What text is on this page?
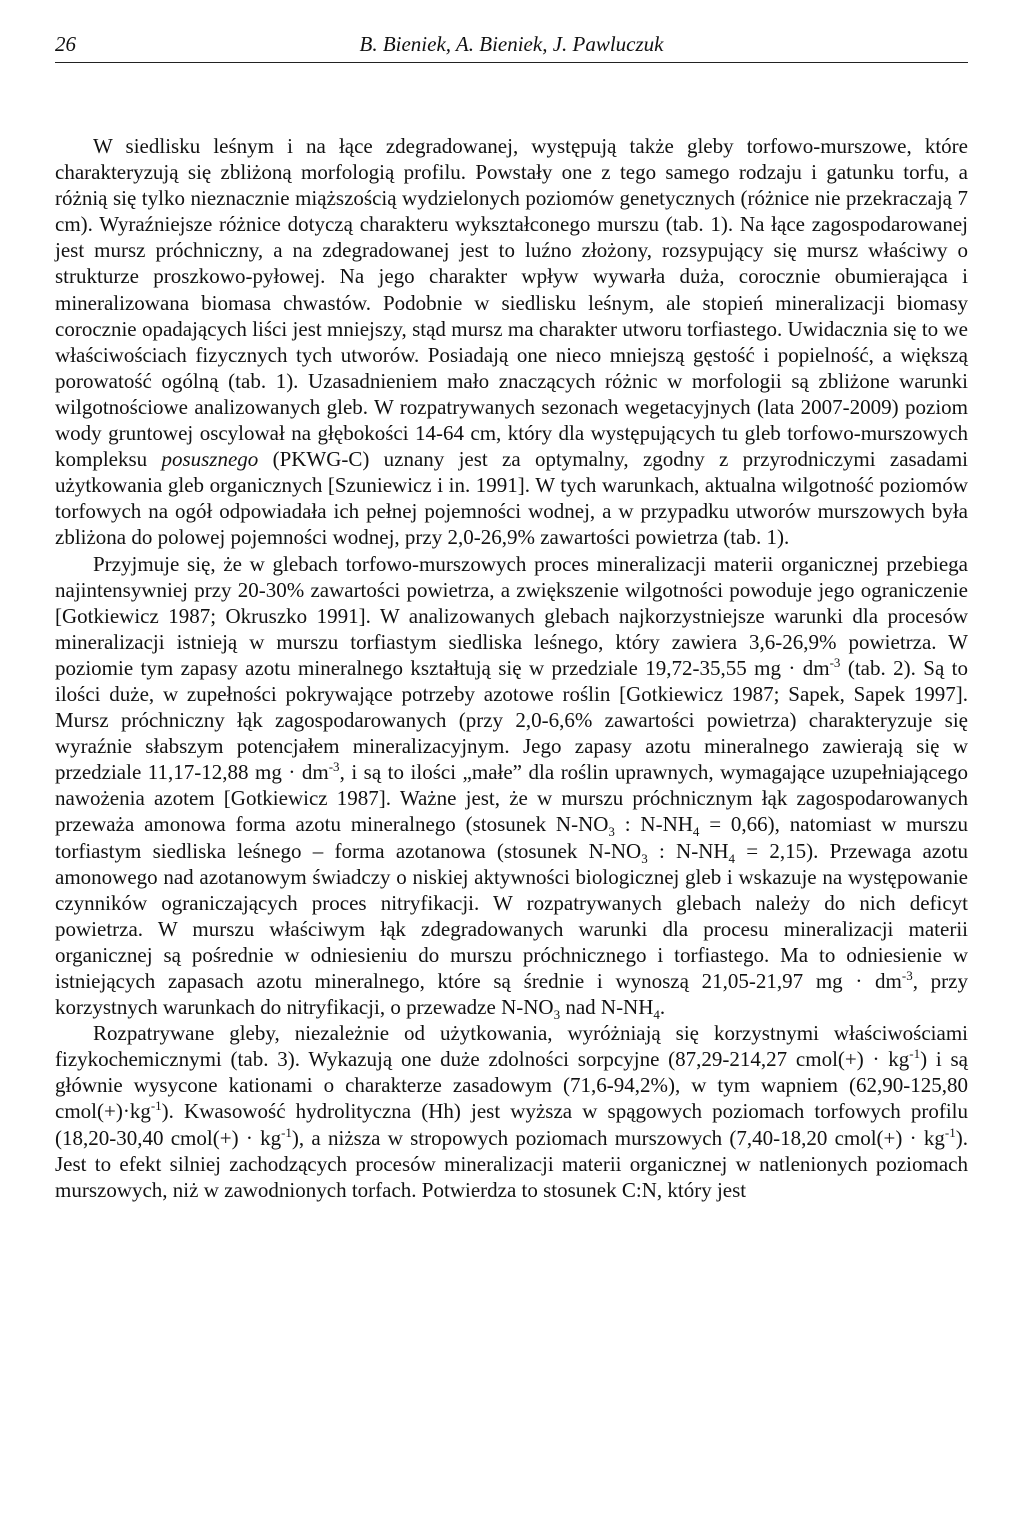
26	B. Bieniek, A. Bieniek, J. Pawluczuk

W siedlisku leśnym i na łące zdegradowanej, występują także gleby torfowo-murszowe, które charakteryzują się zbliżoną morfologią profilu. Powstały one z tego samego rodzaju i gatunku torfu, a różnią się tylko nieznacznie miąższością wydzielonych poziomów genetycznych (różnice nie przekraczają 7 cm). Wyraźniejsze różnice dotyczą charakteru wykształconego murszu (tab. 1). Na łące zagospodarowanej jest mursz próchniczny, a na zdegradowanej jest to luźno złożony, rozsypujący się mursz właściwy o strukturze proszkowo-pyłowej. Na jego charakter wpływ wywarła duża, corocznie obumierająca i mineralizowana biomasa chwastów. Podobnie w siedlisku leśnym, ale stopień mineralizacji biomasy corocznie opadających liści jest mniejszy, stąd mursz ma charakter utworu torfiastego. Uwidacznia się to we właściwościach fizycznych tych utworów. Posiadają one nieco mniejszą gęstość i popielność, a większą porowatość ogólną (tab. 1). Uzasadnieniem mało znaczących różnic w morfologii są zbliżone warunki wilgotnościowe analizowanych gleb. W rozpatrywanych sezonach wegetacyjnych (lata 2007-2009) poziom wody gruntowej oscylował na głębokości 14-64 cm, który dla występujących tu gleb torfowo-murszowych kompleksu posusznego (PKWG-C) uznany jest za optymalny, zgodny z przyrodniczymi zasadami użytkowania gleb organicznych [Szuniewicz i in. 1991]. W tych warunkach, aktualna wilgotność poziomów torfowych na ogół odpowiadała ich pełnej pojemności wodnej, a w przypadku utworów murszowych była zbliżona do polowej pojemności wodnej, przy 2,0-26,9% zawartości powietrza (tab. 1).

Przyjmuje się, że w glebach torfowo-murszowych proces mineralizacji materii organicznej przebiega najintensywniej przy 20-30% zawartości powietrza, a zwiększenie wilgotności powoduje jego ograniczenie [Gotkiewicz 1987; Okruszko 1991]. W analizowanych glebach najkorzystniejsze warunki dla procesów mineralizacji istnieją w murszu torfiastym siedliska leśnego, który zawiera 3,6-26,9% powietrza. W poziomie tym zapasy azotu mineralnego kształtują się w przedziale 19,72-35,55 mg · $dm^{-3}$ (tab. 2). Są to ilości duże, w zupełności pokrywające potrzeby azotowe roślin [Gotkiewicz 1987; Sapek, Sapek 1997]. Mursz próchniczny łąk zagospodarowanych (przy 2,0-6,6% zawartości powietrza) charakteryzuje się wyraźnie słabszym potencjałem mineralizacyjnym. Jego zapasy azotu mineralnego zawierają się w przedziale 11,17-12,88 mg · $dm^{-3}$, i są to ilości „małe” dla roślin uprawnych, wymagające uzupełniającego nawożenia azotem [Gotkiewicz 1987]. Ważne jest, że w murszu próchnicznym łąk zagospodarowanych przeważa amonowa forma azotu mineralnego (stosunek $N-NO_3$ : $N-NH_4 = 0,66$), natomiast w murszu torfiastym siedliska leśnego – forma azotanowa (stosunek $N-NO_3$ : $N-NH_4 = 2,15$). Przewaga azotu amonowego nad azotanowym świadczy o niskiej aktywności biologicznej gleb i wskazuje na występowanie czynników ograniczających proces nitryfikacji. W rozpatrywanych glebach należy do nich deficyt powietrza. W murszu właściwym łąk zdegradowanych warunki dla procesu mineralizacji materii organicznej są pośrednie w odniesieniu do murszu próchnicznego i torfiastego. Ma to odniesienie w istniejących zapasach azotu mineralnego, które są średnie i wynoszą 21,05-21,97 mg · $dm^{-3}$, przy korzystnych warunkach do nitryfikacji, o przewadze $N-NO_3$ nad $N-NH_4$.

Rozpatrywane gleby, niezależnie od użytkowania, wyróżniają się korzystnymi właściwościami fizykochemicznymi (tab. 3). Wykazują one duże zdolności sorpcyjne (87,29-214,27 cmol(+) · $kg^{-1}$) i są głównie wysycone kationami o charakterze zasadowym (71,6-94,2%), w tym wapniem (62,90-125,80 $cmol(+)\cdot kg^{-1}$). Kwasowość hydrolityczna (Hh) jest wyższa w spągowych poziomach torfowych profilu (18,20-30,40 cmol(+) · $kg^{-1}$), a niższa w stropowych poziomach murszowych (7,40-18,20 cmol(+) · $kg^{-1}$). Jest to efekt silniej zachodzących procesów mineralizacji materii organicznej w natlenionych poziomach murszowych, niż w zawodnionych torfach. Potwierdza to stosunek C:N, który jest
